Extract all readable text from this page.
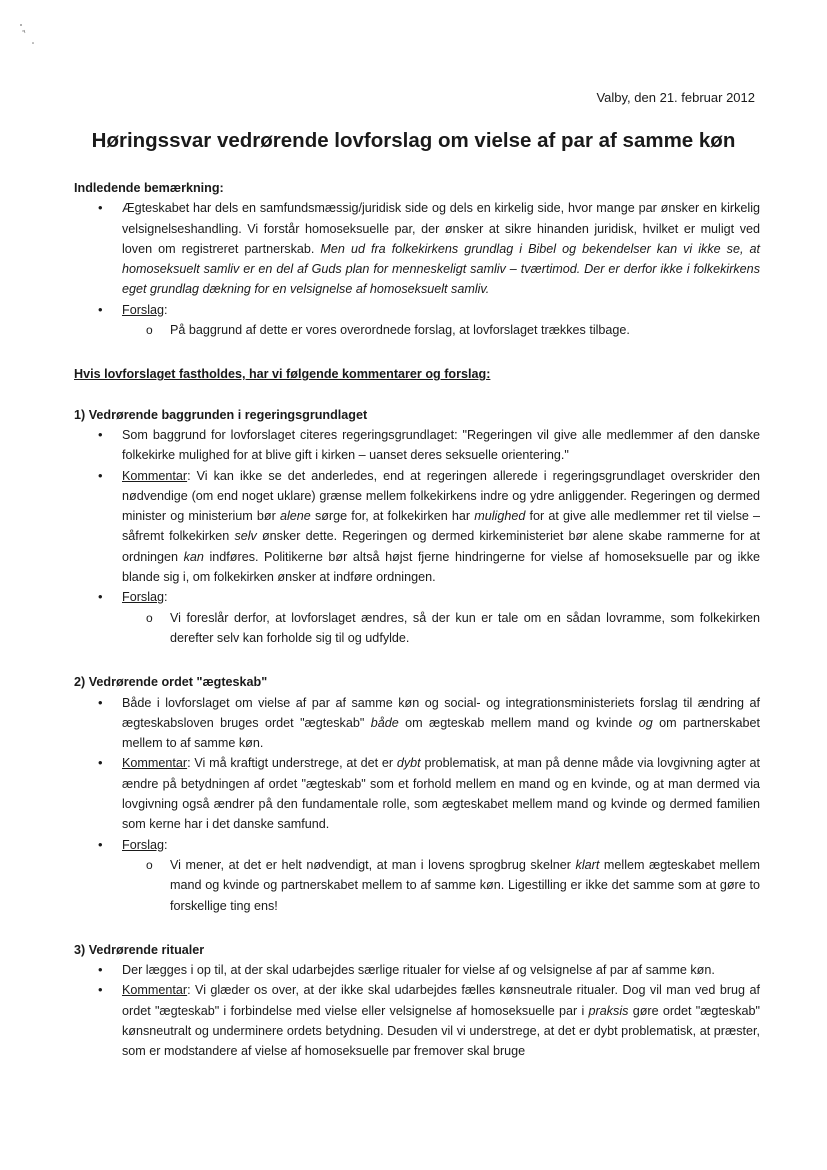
Valby, den 21. februar 2012
Høringssvar vedrørende lovforslag om vielse af par af samme køn

Indledende bemærkning:

• Ægteskabet har dels en samfundsmæssig/juridisk side og dels en kirkelig side, hvor mange par ønsker en kirkelig velsignelseshandling. Vi forstår homoseksuelle par, der ønsker at sikre hinanden juridisk, hvilket er muligt ved loven om registreret partnerskab. Men ud fra folkekirkens grundlag i Bibel og bekendelser kan vi ikke se, at homoseksuelt samliv er en del af Guds plan for menneskeligt samliv – tværtimod. Der er derfor ikke i folkekirkens eget grundlag dækning for en velsignelse af homoseksuelt samliv.
• Forslag:
o På baggrund af dette er vores overordnede forslag, at lovforslaget trækkes tilbage.

Hvis lovforslaget fastholdes, har vi følgende kommentarer og forslag:

1) Vedrørende baggrunden i regeringsgrundlaget

• Som baggrund for lovforslaget citeres regeringsgrundlaget: "Regeringen vil give alle medlemmer af den danske folkekirke mulighed for at blive gift i kirken – uanset deres seksuelle orientering."
• Kommentar: Vi kan ikke se det anderledes, end at regeringen allerede i regeringsgrundlaget overskrider den nødvendige (om end noget uklare) grænse mellem folkekirkens indre og ydre anliggender. Regeringen og dermed minister og ministerium bør alene sørge for, at folkekirken har mulighed for at give alle medlemmer ret til vielse – såfremt folkekirken selv ønsker dette. Regeringen og dermed kirkeministeriet bør alene skabe rammerne for at ordningen kan indføres. Politikerne bør altså højst fjerne hindringerne for vielse af homoseksuelle par og ikke blande sig i, om folkekirken ønsker at indføre ordningen.
• Forslag:
o Vi foreslår derfor, at lovforslaget ændres, så der kun er tale om en sådan lovramme, som folkekirken derefter selv kan forholde sig til og udfylde.

2) Vedrørende ordet "ægteskab"

• Både i lovforslaget om vielse af par af samme køn og social- og integrationsministeriets forslag til ændring af ægteskabsloven bruges ordet "ægteskab" både om ægteskab mellem mand og kvinde og om partnerskabet mellem to af samme køn.
• Kommentar: Vi må kraftigt understrege, at det er dybt problematisk, at man på denne måde via lovgivning agter at ændre på betydningen af ordet "ægteskab" som et forhold mellem en mand og en kvinde, og at man dermed via lovgivning også ændrer på den fundamentale rolle, som ægteskabet mellem mand og kvinde og dermed familien som kerne har i det danske samfund.
• Forslag:
o Vi mener, at det er helt nødvendigt, at man i lovens sprogbrug skelner klart mellem ægteskabet mellem mand og kvinde og partnerskabet mellem to af samme køn. Ligestilling er ikke det samme som at gøre to forskellige ting ens!

3) Vedrørende ritualer

• Der lægges i op til, at der skal udarbejdes særlige ritualer for vielse af og velsignelse af par af samme køn.
• Kommentar: Vi glæder os over, at der ikke skal udarbejdes fælles kønsneutrale ritualer. Dog vil man ved brug af ordet "ægteskab" i forbindelse med vielse eller velsignelse af homoseksuelle par i praksis gøre ordet "ægteskab" kønsneutralt og underminere ordets betydning. Desuden vil vi understrege, at det er dybt problematisk, at præster, som er modstandere af vielse af homoseksuelle par fremover skal bruge
